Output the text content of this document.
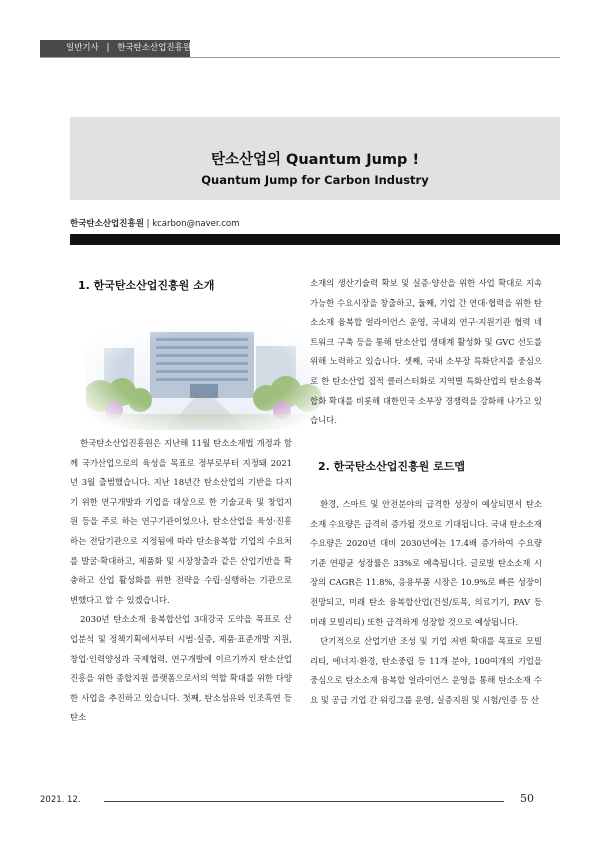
일반기사 | 한국탄소산업진흥원
탄소산업의 Quantum Jump !
Quantum Jump for Carbon Industry
한국탄소산업진흥원 | kcarbon@naver.com
1. 한국탄소산업진흥원 소개

한국탄소산업진흥원은 지난해 11월 탄소소재법 개정과 함께 국가산업으로의 육성을 목표로 정부로부터 지정돼 2021년 3월 출범했습니다. 지난 18년간 탄소산업의 기반을 다지기 위한 연구개발과 기업을 대상으로 한 기술교육 및 창업지원 등을 주로 하는 연구기관이었으나, 탄소산업을 육성·진흥하는 전담기관으로 지정됨에 따라 탄소융복합 기업의 수요처를 발굴·확대하고, 제품화 및 시장창출과 같은 산업기반을 확충하고 산업 활성화를 위한 전략을 수립·실행하는 기관으로 변했다고 할 수 있겠습니다.

2030년 탄소소재 융복합산업 3대강국 도약을 목표로 산업분석 및 정책기획에서부터 시범·실증, 제품·표준개발 지원, 창업·인력양성과 국제협력, 연구개발에 이르기까지 탄소산업 진흥을 위한 종합지원 플랫폼으로서의 역할 확대를 위한 다양한 사업을 추진하고 있습니다. 첫째, 탄소섬유와 인조흑연 등 탄소

소재의 생산기술력 확보 및 실증·양산을 위한 사업 확대로 지속가능한 수요시장을 창출하고, 둘째, 기업 간 연대·협력을 위한 탄소소재 융복합 얼라이언스 운영, 국내외 연구·지원기관 협력 네트워크 구축 등을 통해 탄소산업 생태계 활성화 및 GVC 선도를 위해 노력하고 있습니다. 셋째, 국내 소부장 특화단지를 중심으로 한 탄소산업 집적 클러스터화로 지역별 특화산업의 탄소융복합화 확대를 비롯해 대한민국 소부장 경쟁력을 강화해 나가고 있습니다.

2. 한국탄소산업진흥원 로드맵

환경, 스마트 및 안전분야의 급격한 성장이 예상되면서 탄소소재 수요량은 급격히 증가될 것으로 기대됩니다. 국내 탄소소재 수요량은 2020년 대비 2030년에는 17.4배 증가하여 수요량 기준 연평균 성장률은 33%로 예측됩니다. 글로벌 탄소소재 시장의 CAGR은 11.8%, 응용부품 시장은 10.9%로 빠른 성장이 전망되고, 미래 탄소 융복합산업(건설/토목, 의료기기, PAV 등 미래 모빌리티) 또한 급격하게 성장할 것으로 예상됩니다.

단기적으로 산업기반 조성 및 기업 저변 확대를 목표로 모빌리티, 에너지·환경, 탄소중립 등 11개 분야, 100여개의 기업을 중심으로 탄소소재 융복합 얼라이언스 운영을 통해 탄소소재 수요 및 공급 기업 간 워킹그룹 운영, 실증지원 및 시험/인증 등 산

2021. 12.	50
